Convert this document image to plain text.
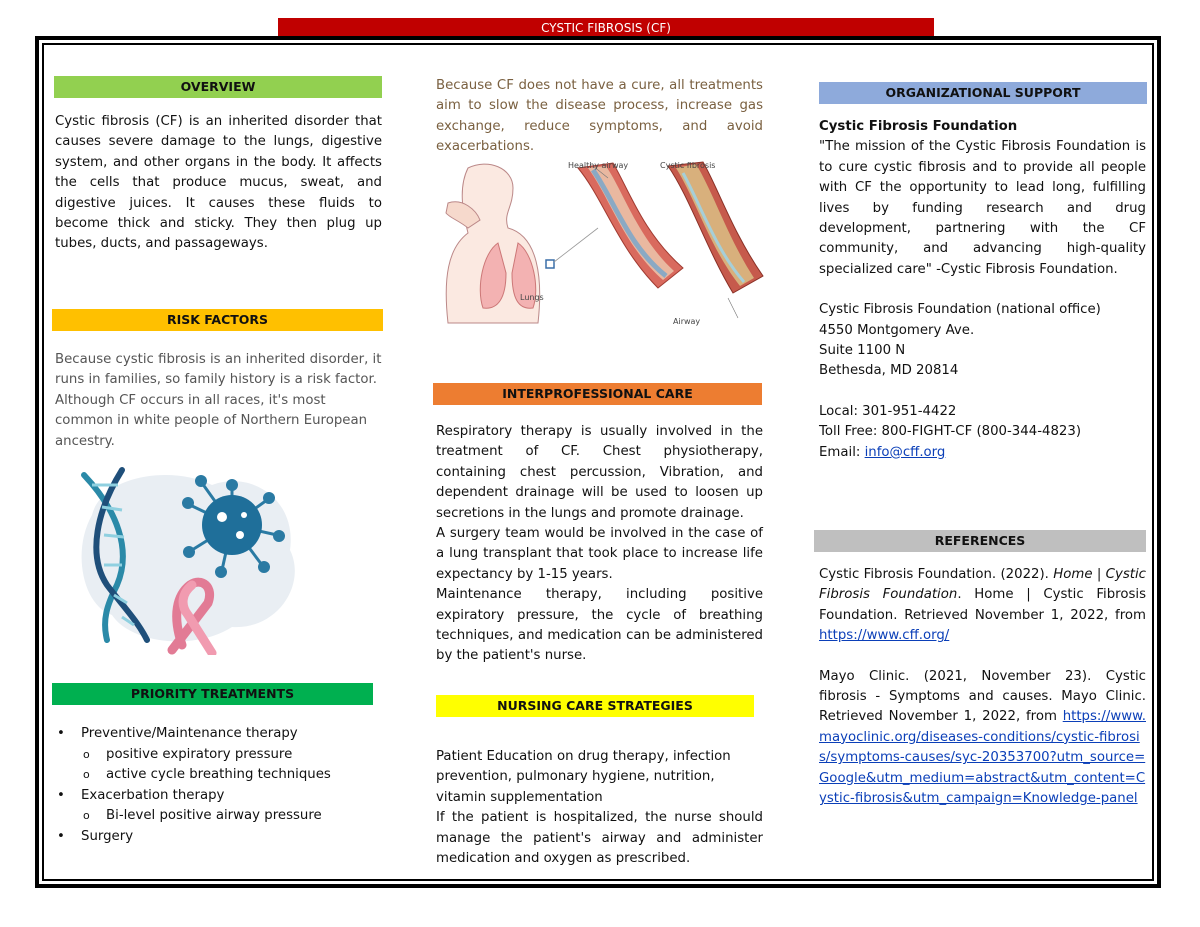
CYSTIC FIBROSIS (CF)
OVERVIEW

Cystic fibrosis (CF) is an inherited disorder that causes severe damage to the lungs, digestive system, and other organs in the body. It affects the cells that produce mucus, sweat, and digestive juices. It causes these fluids to become thick and sticky. They then plug up tubes, ducts, and passageways.

RISK FACTORS

Because cystic fibrosis is an inherited disorder, it runs in families, so family history is a risk factor. Although CF occurs in all races, it's most common in white people of Northern European ancestry.

PRIORITY TREATMENTS
• Preventive/Maintenance therapy
o positive expiratory pressure
o active cycle breathing techniques
• Exacerbation therapy
o Bi-level positive airway pressure
• Surgery

Because CF does not have a cure, all treatments aim to slow the disease process, increase gas exchange, reduce symptoms, and avoid exacerbations.

Healthy airway	Cystic fibrosis
Lungs
Airway
INTERPROFESSIONAL CARE

Respiratory therapy is usually involved in the treatment of CF. Chest physiotherapy, containing chest percussion, Vibration, and dependent drainage will be used to loosen up secretions in the lungs and promote drainage.

A surgery team would be involved in the case of a lung transplant that took place to increase life expectancy by 1-15 years.

Maintenance therapy, including positive expiratory pressure, the cycle of breathing techniques, and medication can be administered by the patient's nurse.

NURSING CARE STRATEGIES

Patient Education on drug therapy, infection prevention, pulmonary hygiene, nutrition, vitamin supplementation

If the patient is hospitalized, the nurse should manage the patient's airway and administer medication and oxygen as prescribed.

ORGANIZATIONAL SUPPORT

Cystic Fibrosis Foundation

"The mission of the Cystic Fibrosis Foundation is to cure cystic fibrosis and to provide all people with CF the opportunity to lead long, fulfilling lives by funding research and drug development, partnering with the CF community, and advancing high-quality specialized care" -Cystic Fibrosis Foundation.

Cystic Fibrosis Foundation (national office)

4550 Montgomery Ave.

Suite 1100 N

Bethesda, MD 20814

Local: 301-951-4422

Toll Free: 800-FIGHT-CF (800-344-4823)

Email: info@cff.org

REFERENCES

Cystic Fibrosis Foundation. (2022). Home | Cystic Fibrosis Foundation. Home | Cystic Fibrosis Foundation. Retrieved November 1, 2022, from https://www.cff.org/

Mayo Clinic. (2021, November 23). Cystic fibrosis - Symptoms and causes. Mayo Clinic. Retrieved November 1, 2022, from https://www.mayoclinic.org/diseases-conditions/cystic-fibrosis/symptoms-causes/syc-20353700?utm_source=Google&utm_medium=abstract&utm_content=Cystic-fibrosis&utm_campaign=Knowledge-panel
